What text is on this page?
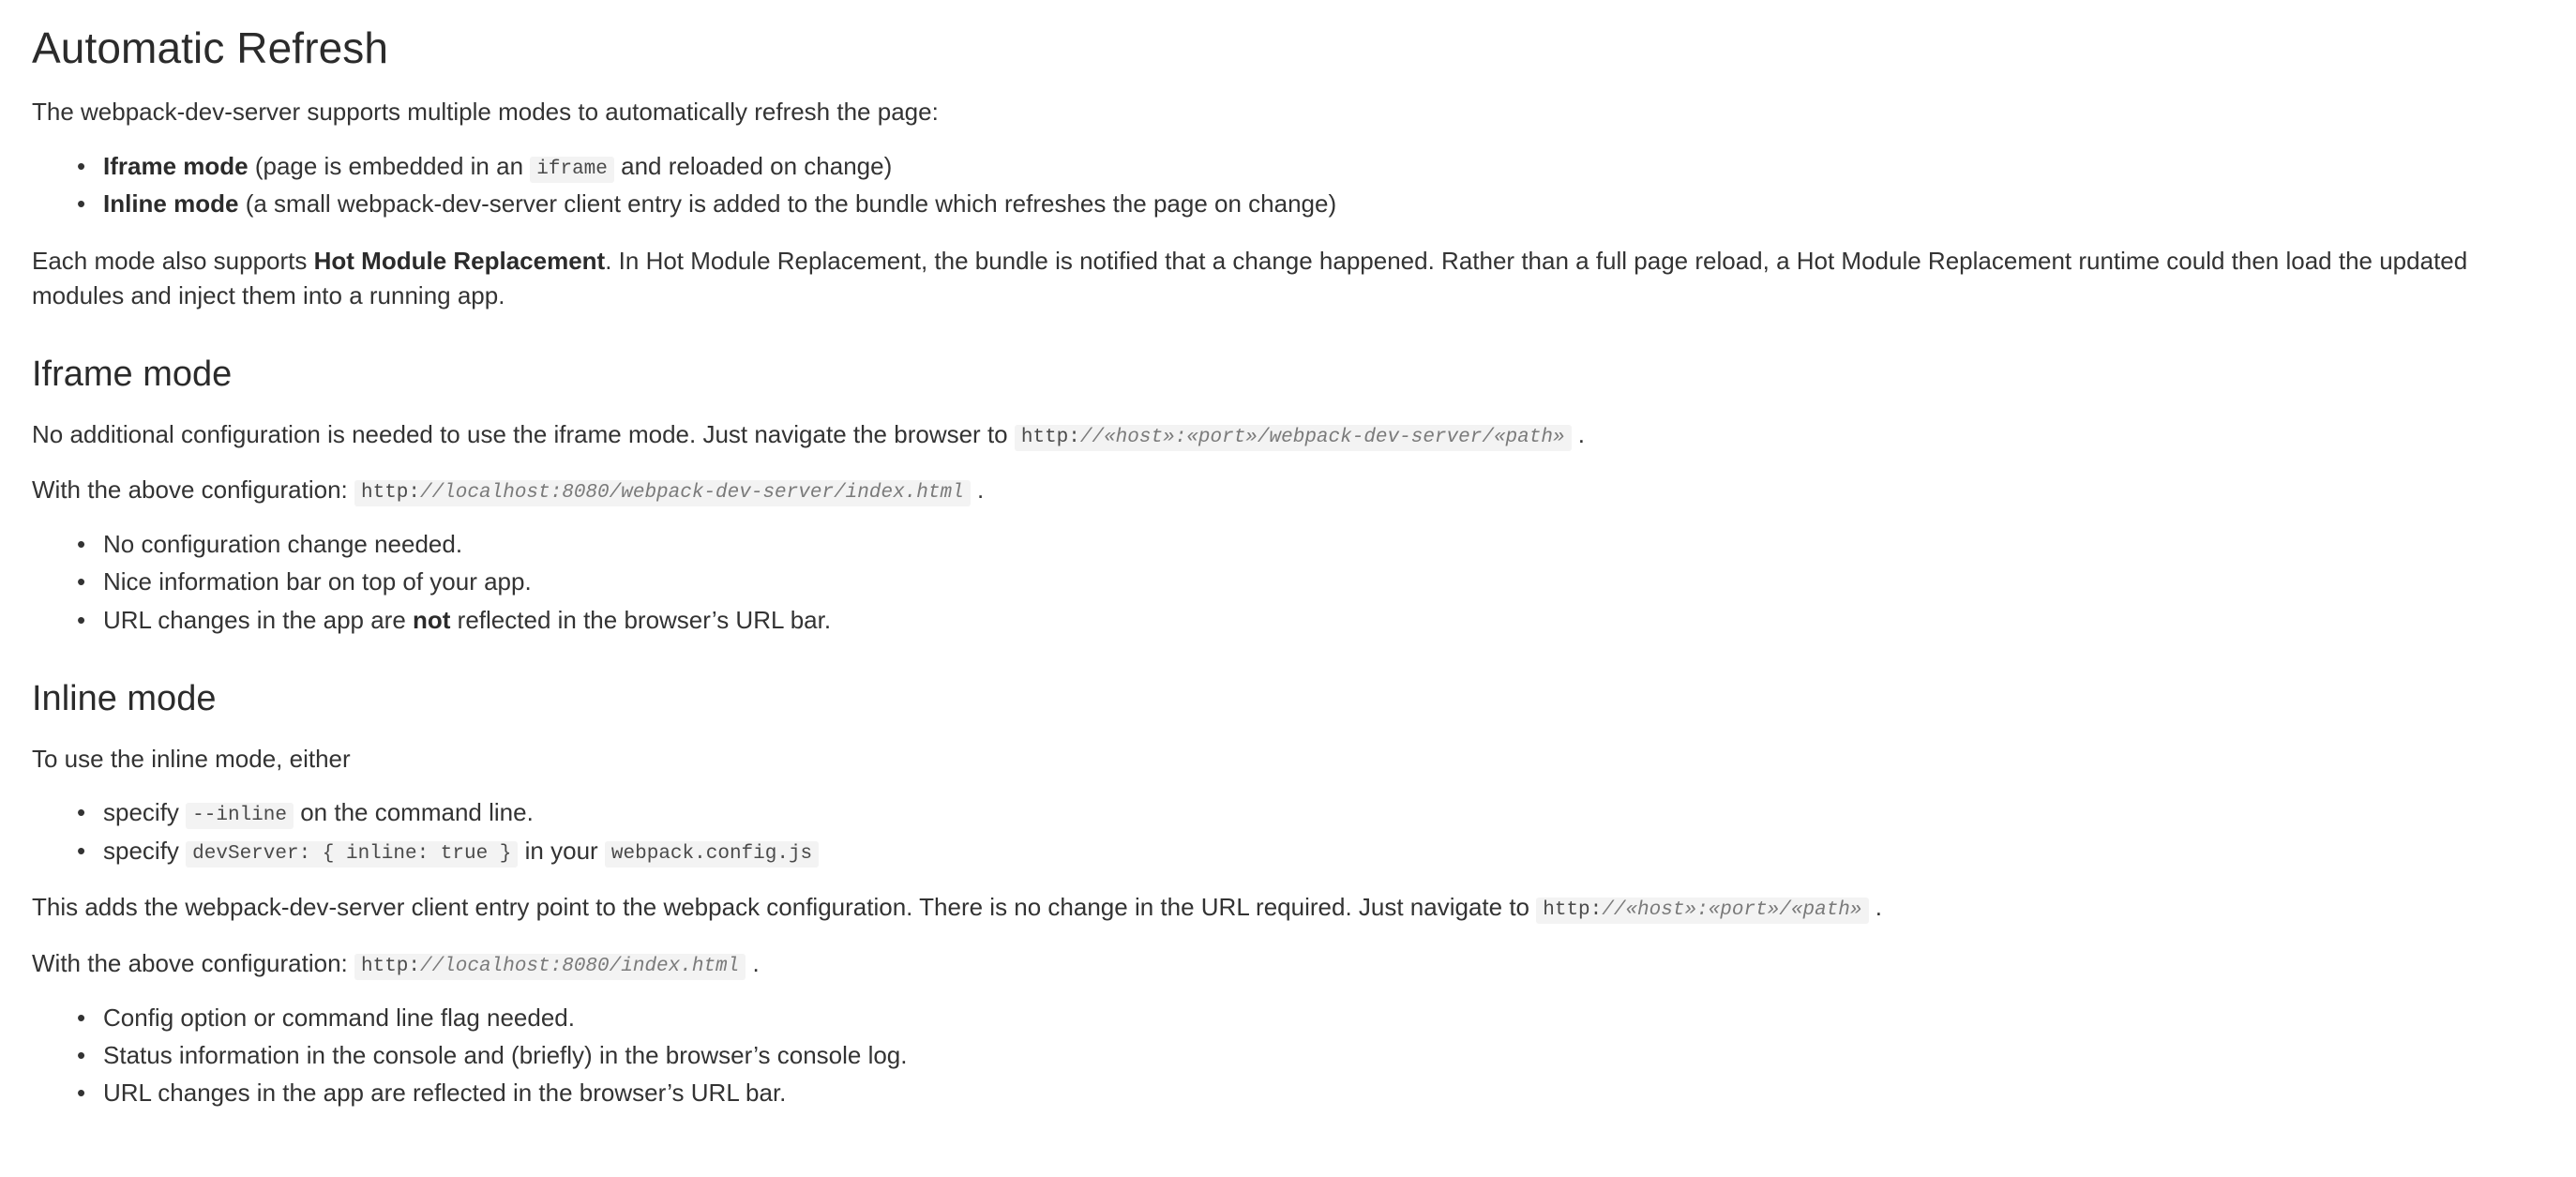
Automatic Refresh

The webpack-dev-server supports multiple modes to automatically refresh the page:

• Iframe mode (page is embedded in an iframe and reloaded on change)
• Inline mode (a small webpack-dev-server client entry is added to the bundle which refreshes the page on change)

Each mode also supports Hot Module Replacement. In Hot Module Replacement, the bundle is notified that a change happened. Rather than a full page reload, a Hot Module Replacement runtime could then load the updated modules and inject them into a running app.

Iframe mode

No additional configuration is needed to use the iframe mode. Just navigate the browser to http://«host»:«port»/webpack-dev-server/«path» .

With the above configuration: http://localhost:8080/webpack-dev-server/index.html .

• No configuration change needed.
• Nice information bar on top of your app.
• URL changes in the app are not reflected in the browser’s URL bar.
Inline mode

To use the inline mode, either

• specify --inline on the command line.
• specify devServer: { inline: true } in your webpack.config.js

This adds the webpack-dev-server client entry point to the webpack configuration. There is no change in the URL required. Just navigate to http://«host»:«port»/«path» .

With the above configuration: http://localhost:8080/index.html .

• Config option or command line flag needed.
• Status information in the console and (briefly) in the browser’s console log.
• URL changes in the app are reflected in the browser’s URL bar.
